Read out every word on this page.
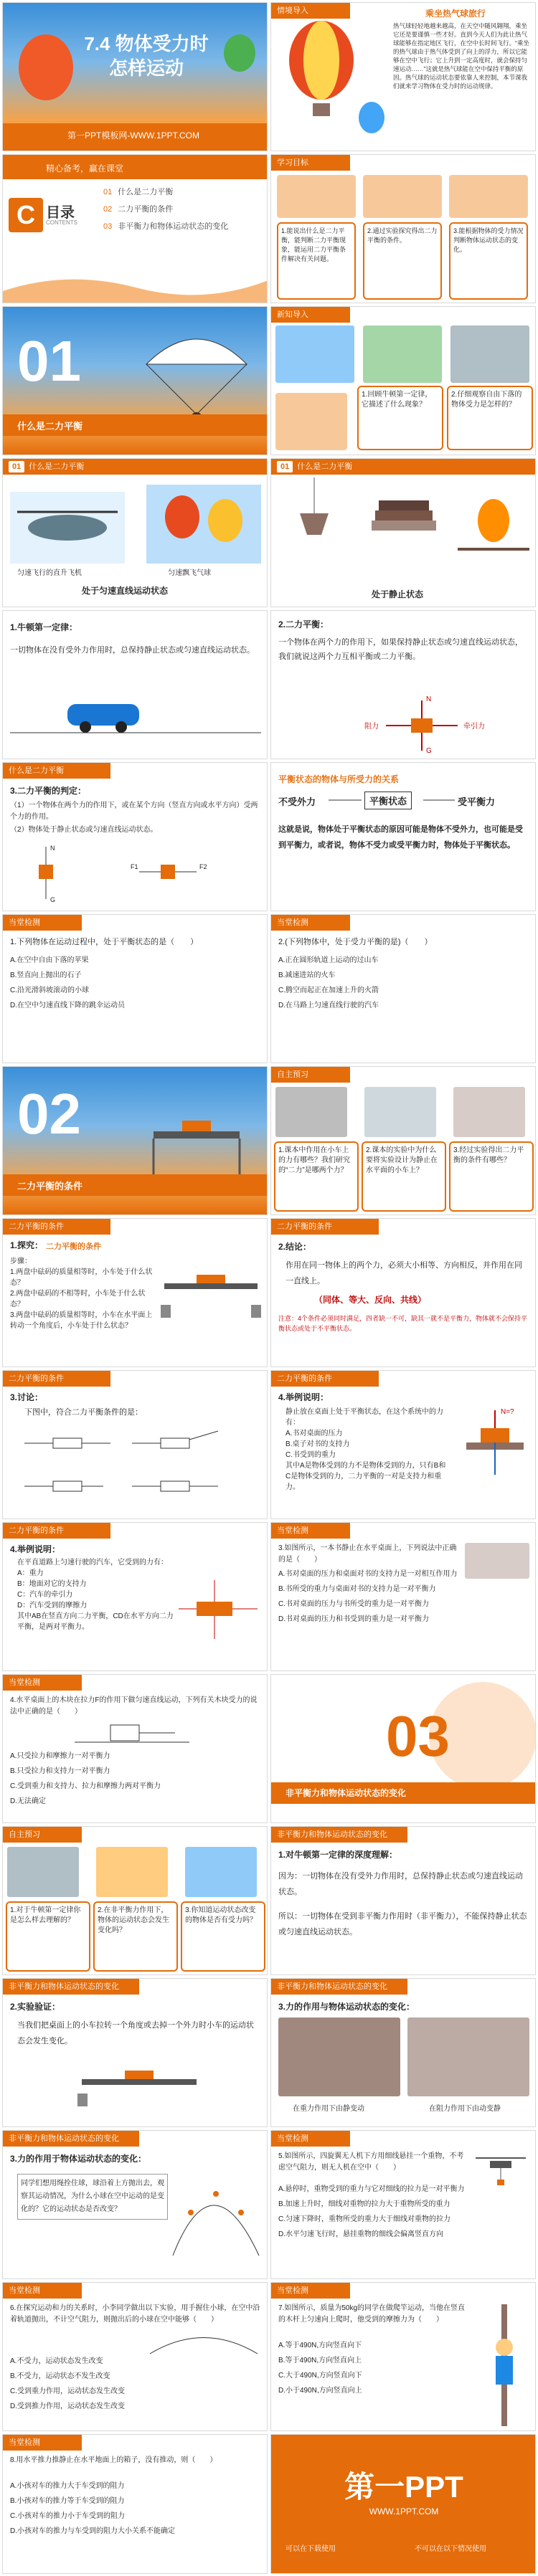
7.4 物体受力时
怎样运动
第一PPT模板网-WWW.1PPT.COM
情境导入	乘坐热气球旅行
热气球轻轻地越来越高，在天空中随风翱翔，乘坐它还是要谨慎一些才好。直到今天人们为此让热气球能够在指定地区飞行，在空中长时间飞行。“乘坐的热气球由于热气体受到了向上的浮力，所以它能够在空中飞行；它上升到一定高度时，就会保持匀速运动……”这就是热气球能在空中保持平衡的原因。热气球的运动状态要依靠人来控制，本节课我们就来学习物体在受力时的运动规律。
精心备考，赢在课堂
C 目录
CONTENTS
01 什么是二力平衡
02 二力平衡的条件
03 非平衡力和物体运动状态的变化
学习目标
1.能说出什么是二力平衡，能判断二力平衡现象，能运用二力平衡条件解决有关问题。
2.通过实验探究得出二力平衡的条件。
3.能根据物体的受力情况判断物体运动状态的变化。
01
什么是二力平衡
新知导入
1.回顾牛顿第一定律，它描述了什么现象？
2.仔细观察自由下落的物体受力是怎样的？
01 什么是二力平衡
匀速飞行的直升飞机	匀速飘飞气球
处于匀速直线运动状态
01 什么是二力平衡
处于静止状态
1.牛顿第一定律：
一切物体在没有受外力作用时，总保持静止状态或匀速直线运动状态。
2.二力平衡：
一个物体在两个力的作用下，如果保持静止状态或匀速直线运动状态，我们就说这两个力互相平衡或二力平衡。
阻力
N
G
牵引力
什么是二力平衡
3.二力平衡的判定：
（1）一个物体在两个力的作用下，或在某个方向（竖直方向或水平方向）受两个力的作用。
（2）物体处于静止状态或匀速直线运动状态。
N
G
F1	F2
平衡状态的物体与所受力的关系
不受外力	平衡状态	受平衡力
这就是说，物体处于平衡状态的原因可能是物体不受外力，也可能是受到平衡力，或者说，物体不受力或受平衡力时，物体处于平衡状态。
当堂检测
1.下列物体在运动过程中，处于平衡状态的是（　　）
A.在空中自由下落的苹果
B.竖直向上抛出的石子
C.沿光滑斜坡滚动的小球
D.在空中匀速直线下降的跳伞运动员
当堂检测
2.(下列物体中，处于受力平衡的是)（　　）
A.正在圆形轨道上运动的过山车
B.减速进站的火车
C.腾空而起正在加速上升的火箭
D.在马路上匀速直线行驶的汽车
02
二力平衡的条件
自主预习
1.课本中作用在小车上的力有哪些？我们研究的“二力”是哪两个力？
2.课本的实验中为什么要将实验设计为静止在水平面的小车上？
3.经过实验得出二力平衡的条件有哪些？
二力平衡的条件
1.探究： 二力平衡的条件
步骤：
1.两盘中砝码的质量相等时，小车处于什么状态？
2.两盘中砝码的不相等时，小车处于什么状态？
3.两盘中砝码的质量相等时，小车在水平面上转动一个角度后，小车处于什么状态？
二力平衡的条件
2.结论：
作用在同一物体上的两个力，必须大小相等、方向相反，并作用在同一直线上。
（同体、等大、反向、共线）
注意：4个条件必须同时满足，四者缺一不可，缺其一就不是平衡力，物体就不会保持平衡状态或处于不平衡状态。
二力平衡的条件
3.讨论：
下图中，符合二力平衡条件的是：
二力平衡的条件
4.举例说明：
静止放在桌面上处于平衡状态，在这个系统中的力有：
A.书对桌面的压力
B.桌子对书的支持力
C.书受到的重力
其中A是物体受到的力不是物体受到的力，只有B和C是物体受到的力，二力平衡的一对是支持力和重力。
N=?
二力平衡的条件
4.举例说明：
在平直道路上匀速行驶的汽车，它受到的力有：
A：重力
B：地面对它的支持力
C：汽车的牵引力
D：汽车受到的摩擦力
其中AB在竖直方向二力平衡，CD在水平方向二力平衡，是两对平衡力。
当堂检测
3.如图所示，一本书静止在水平桌面上，下列说法中正确的是（　　）
A.书对桌面的压力和桌面对书的支持力是一对相互作用力
B.书所受的重力与桌面对书的支持力是一对平衡力
C.书对桌面的压力与书所受的重力是一对平衡力
D.书对桌面的压力和书受到的重力是一对平衡力
当堂检测
4.水平桌面上的木块在拉力F的作用下做匀速直线运动，下列有关木块受力的说法中正确的是（　　）
A.只受拉力和摩擦力一对平衡力
B.只受拉力和支持力一对平衡力
C.受到重力和支持力、拉力和摩擦力两对平衡力
D.无法确定
03
非平衡力和物体运动状态的变化
自主预习
1.对于牛顿第一定律你是怎么样去理解的？
2.在非平衡力作用下，物体的运动状态会发生变化吗？
3.你知道运动状态改变的物体是否有受力吗？
非平衡力和物体运动状态的变化
1.对牛顿第一定律的深度理解：
因为：一切物体在没有受外力作用时，总保持静止状态或匀速直线运动状态。
所以：一切物体在受到非平衡力作用时（非平衡力），不能保持静止状态或匀速直线运动状态。
非平衡力和物体运动状态的变化
2.实验验证：
当我们把桌面上的小车拉转一个角度或去掉一个外力时小车的运动状态会发生变化。
非平衡力和物体运动状态的变化
3.力的作用与物体运动状态的变化：
在重力作用下由静变动	在阻力作用下由动变静
非平衡力和物体运动状态的变化
3.力的作用于物体运动状态的变化：
同学们想用绳拴住球，球沿着上方抛出去，观察其运动情况，为什么小球在空中运动的是变化的？它的运动状态是否改变？
当堂检测
5.如图所示，四旋翼无人机下方用细线悬挂一个重物，不考虑空气阻力，则无人机在空中（　　）
A.悬停时，重物受到的重力与它对细线的拉力是一对平衡力
B.加速上升时，细线对重物的拉力大于重物所受的重力
C.匀速下降时，重物所受的重力大于细线对重物的拉力
D.水平匀速飞行时，悬挂重物的细线会偏离竖直方向
当堂检测
6.在探究运动和力的关系时，小李同学做出以下实验，用手握住小球，在空中沿着轨道抛出，不计空气阻力，则抛出后的小球在空中能够（　　）
A.不受力，运动状态发生改变
B.不受力，运动状态不发生改变
C.受到重力作用，运动状态发生改变
D.受到推力作用，运动状态发生改变
当堂检测
7.如图所示，质量为50kg的同学在做爬竿运动，当他在竖直的木杆上匀速向上爬时，他受到的摩擦力为（　　）
A.等于490N,方向竖直向下
B.等于490N,方向竖直向上
C.大于490N,方向竖直向下
D.小于490N,方向竖直向上
当堂检测
8.用水平推力推静止在水平地面上的箱子，没有推动，则（　　）
A.小孩对车的推力大于车受到的阻力
B.小孩对车的推力等于车受到的阻力
C.小孩对车的推力小于车受到的阻力
D.小孩对车的推力与车受到的阻力大小关系不能确定
第一PPT
WWW.1PPT.COM
可以在下载使用	不可以在以下情况使用
